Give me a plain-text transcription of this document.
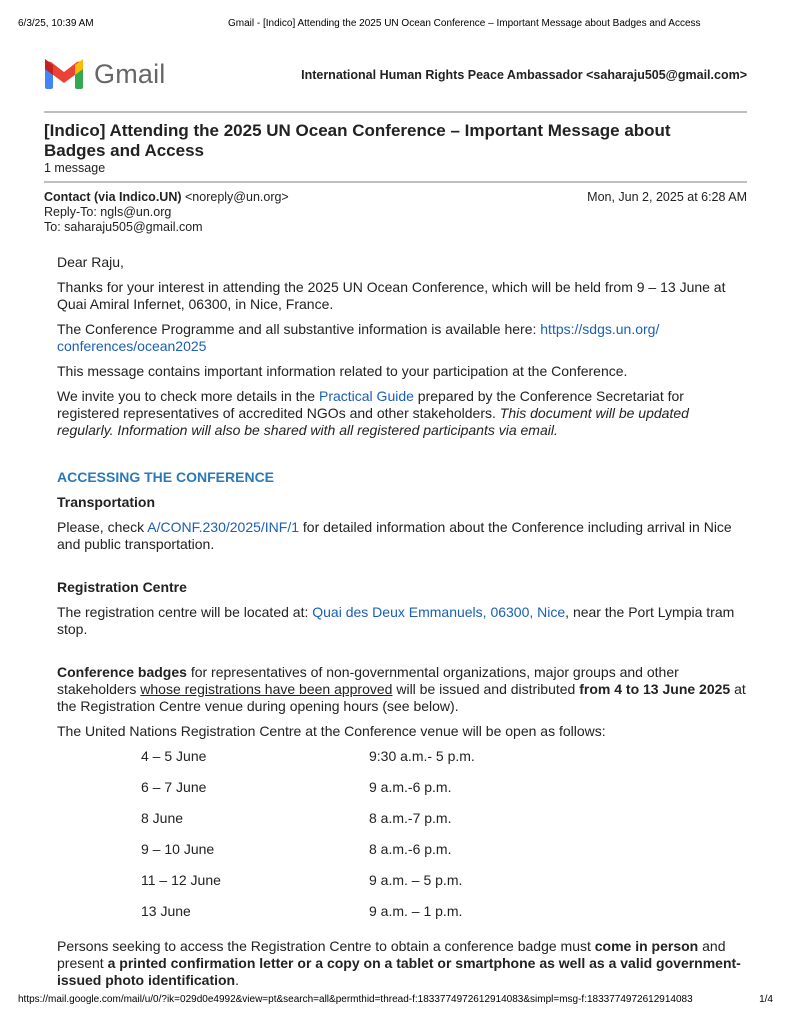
6/3/25, 10:39 AM	Gmail - [Indico] Attending the 2025 UN Ocean Conference – Important Message about Badges and Access
Gmail	International Human Rights Peace Ambassador <saharaju505@gmail.com>
[Indico] Attending the 2025 UN Ocean Conference – Important Message about Badges and Access
1 message
Contact (via Indico.UN) <noreply@un.org>	Mon, Jun 2, 2025 at 6:28 AM
Reply-To: ngls@un.org
To: saharaju505@gmail.com

Dear Raju,

Thanks for your interest in attending the 2025 UN Ocean Conference, which will be held from 9 – 13 June at Quai Amiral Infernet, 06300, in Nice, France.

The Conference Programme and all substantive information is available here: https://sdgs.un.org/
conferences/ocean2025

This message contains important information related to your participation at the Conference.

We invite you to check more details in the Practical Guide prepared by the Conference Secretariat for registered representatives of accredited NGOs and other stakeholders. This document will be updated regularly. Information will also be shared with all registered participants via email.

ACCESSING THE CONFERENCE

Transportation

Please, check A/CONF.230/2025/INF/1 for detailed information about the Conference including arrival in Nice and public transportation.

Registration Centre

The registration centre will be located at: Quai des Deux Emmanuels, 06300, Nice, near the Port Lympia tram stop.

Conference badges for representatives of non-governmental organizations, major groups and other stakeholders whose registrations have been approved will be issued and distributed from 4 to 13 June 2025 at the Registration Centre venue during opening hours (see below).

The United Nations Registration Centre at the Conference venue will be open as follows:

4 – 5 June	9:30 a.m.- 5 p.m.
6 – 7 June	9 a.m.-6 p.m.
8 June	8 a.m.-7 p.m.
9 – 10 June	8 a.m.-6 p.m.
11 – 12 June	9 a.m. – 5 p.m.
13 June	9 a.m. – 1 p.m.

Persons seeking to access the Registration Centre to obtain a conference badge must come in person and present a printed confirmation letter or a copy on a tablet or smartphone as well as a valid government-issued photo identification.

https://mail.google.com/mail/u/0/?ik=029d0e4992&view=pt&search=all&permthid=thread-f:1833774972612914083&simpl=msg-f:1833774972612914083	1/4
